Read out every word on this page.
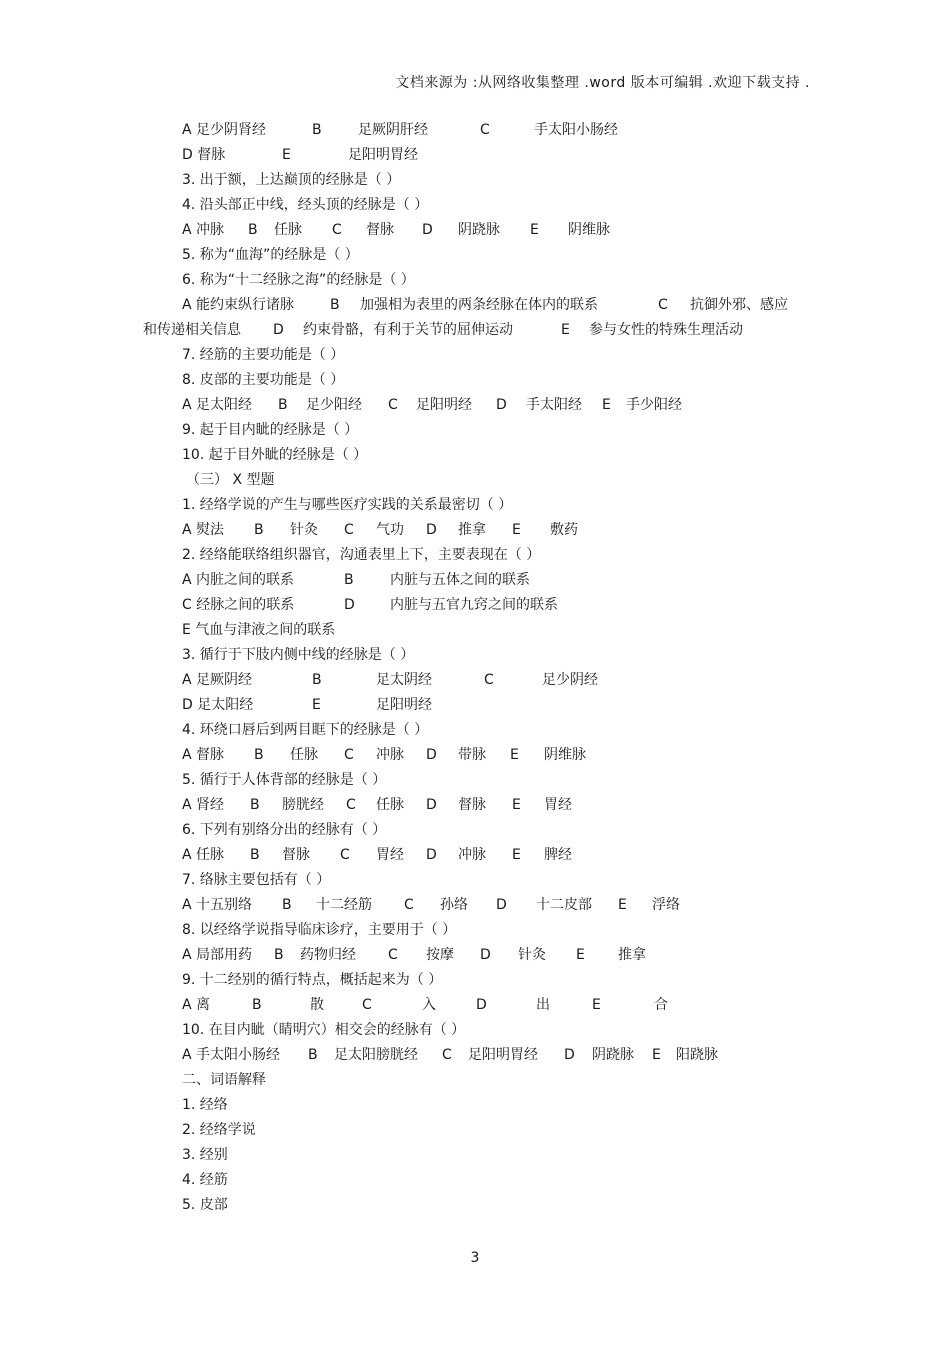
文档来源为 :从网络收集整理 .word 版本可编辑 .欢迎下载支持 .
A 足少阴肾经	B	足厥阴肝经	C	手太阳小肠经
D 督脉	E	足阳明胃经
3. 出于额，上达巅顶的经脉是（ ）
4. 沿头部正中线，经头顶的经脉是（ ）
A 冲脉 B 任脉 C 督脉 D 阴跷脉 E 阴维脉
5. 称为“血海”的经脉是（ ）
6. 称为“十二经脉之海”的经脉是（ ）
A 能约束纵行诸脉	B 加强相为表里的两条经脉在体内的联系	C 抗御外邪、感应
和传递相关信息 D 约束骨骼，有利于关节的屈伸运动	E 参与女性的特殊生理活动
7. 经筋的主要功能是（ ）
8. 皮部的主要功能是（ ）
A 足太阳经 B 足少阳经 C 足阳明经 D 手太阳经 E 手少阳经
9. 起于目内眦的经脉是（ ）
10. 起于目外眦的经脉是（ ）
（三） X 型题
1. 经络学说的产生与哪些医疗实践的关系最密切（ ）
A 熨法 B 针灸 C 气功 D 推拿 E 敷药
2. 经络能联络组织器官，沟通表里上下，主要表现在（ ）
A 内脏之间的联系	B	内脏与五体之间的联系
C 经脉之间的联系	D	内脏与五官九窍之间的联系
E 气血与津液之间的联系
3. 循行于下肢内侧中线的经脉是（ ）
A 足厥阴经	B	足太阴经	C	足少阴经
D 足太阳经	E	足阳明经
4. 环绕口唇后到两目眶下的经脉是（ ）
A 督脉 B 任脉 C 冲脉 D 带脉 E 阴维脉
5. 循行于人体背部的经脉是（ ）
A 肾经 B 膀胱经 C 任脉 D 督脉 E 胃经
6. 下列有别络分出的经脉有（ ）
A 任脉 B 督脉 C 胃经 D 冲脉 E 脾经
7. 络脉主要包括有（ ）
A 十五别络 B 十二经筋 C 孙络 D 十二皮部 E 浮络
8. 以经络学说指导临床诊疗，主要用于（ ）
A 局部用药 B 药物归经 C 按摩 D 针灸 E 推拿
9. 十二经别的循行特点，概括起来为（ ）
A 离	B	散	C	入	D	出	E	合
10. 在目内眦（睛明穴）相交会的经脉有（ ）
A 手太阳小肠经 B 足太阳膀胱经 C 足阳明胃经 D 阴跷脉 E 阳跷脉
二、词语解释
1. 经络
2. 经络学说
3. 经别
4. 经筋
5. 皮部
3
